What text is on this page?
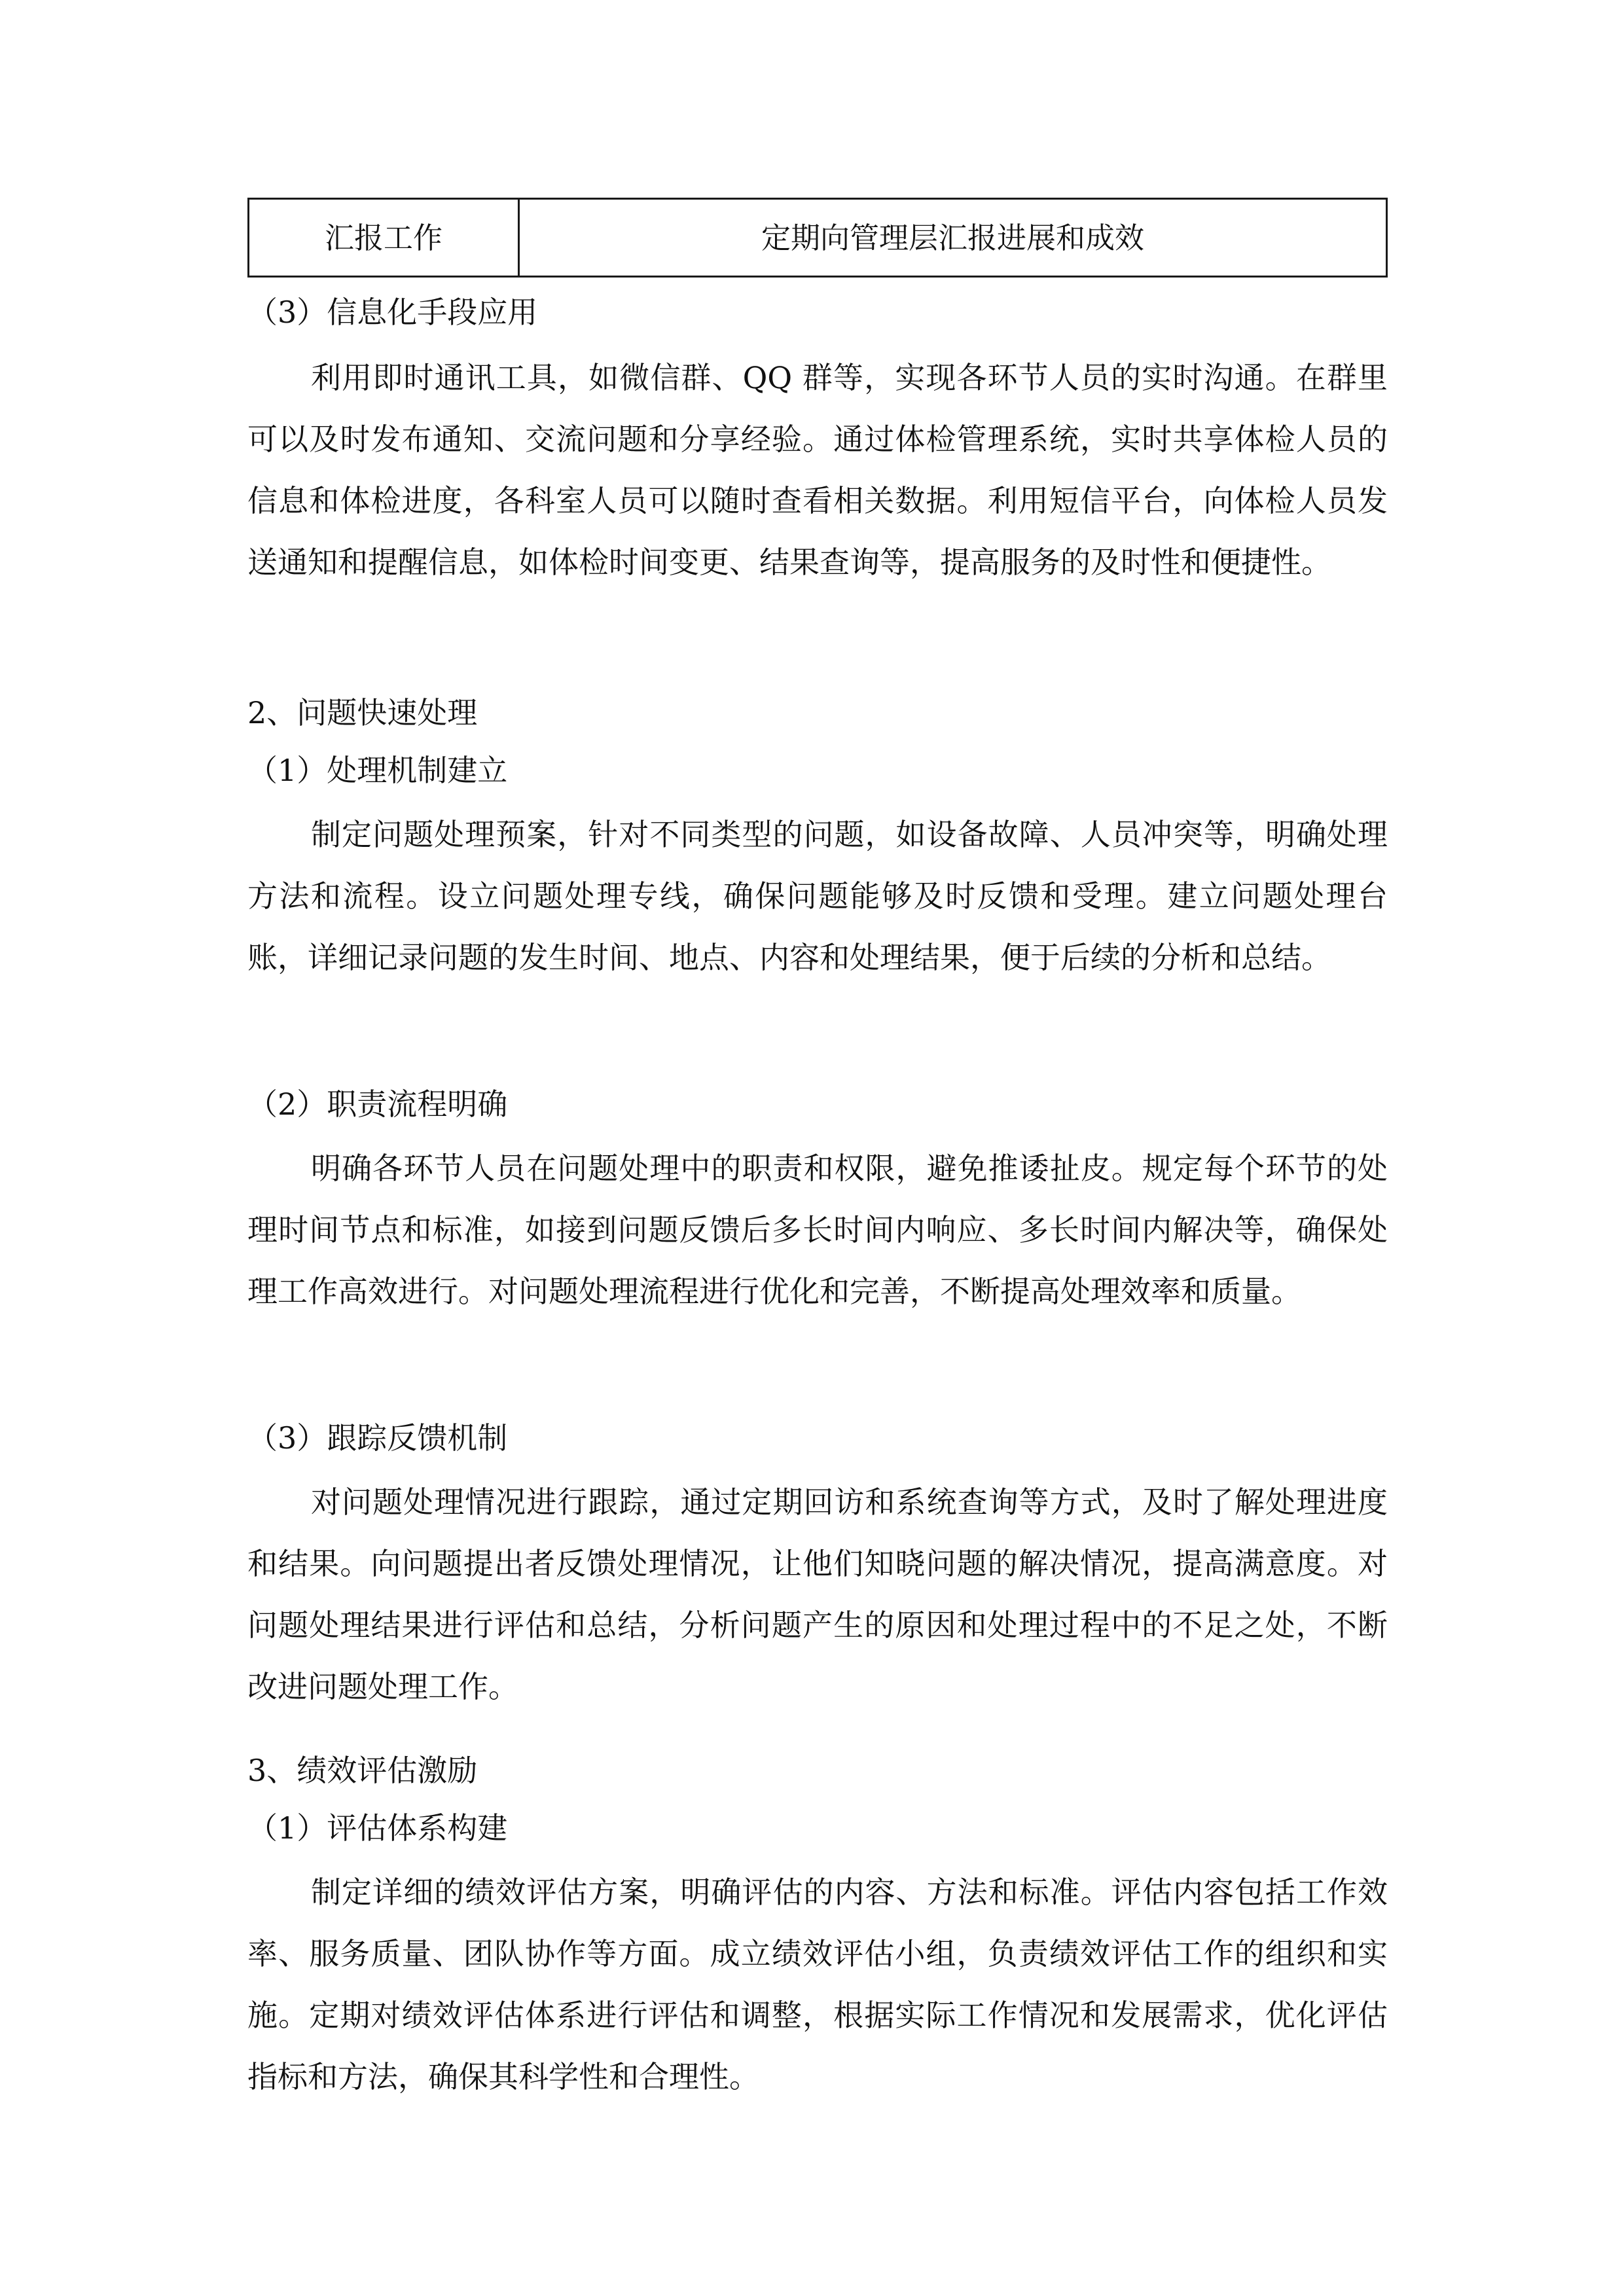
汇报工作	定期向管理层汇报进展和成效
（3）信息化手段应用

利用即时通讯工具，如微信群、QQ 群等，实现各环节人员的实时沟通。在群里可以及时发布通知、交流问题和分享经验。通过体检管理系统，实时共享体检人员的信息和体检进度，各科室人员可以随时查看相关数据。利用短信平台，向体检人员发送通知和提醒信息，如体检时间变更、结果查询等，提高服务的及时性和便捷性。

2、问题快速处理
（1）处理机制建立

制定问题处理预案，针对不同类型的问题，如设备故障、人员冲突等，明确处理方法和流程。设立问题处理专线，确保问题能够及时反馈和受理。建立问题处理台账，详细记录问题的发生时间、地点、内容和处理结果，便于后续的分析和总结。

（2）职责流程明确

明确各环节人员在问题处理中的职责和权限，避免推诿扯皮。规定每个环节的处理时间节点和标准，如接到问题反馈后多长时间内响应、多长时间内解决等，确保处理工作高效进行。对问题处理流程进行优化和完善，不断提高处理效率和质量。

（3）跟踪反馈机制

对问题处理情况进行跟踪，通过定期回访和系统查询等方式，及时了解处理进度和结果。向问题提出者反馈处理情况，让他们知晓问题的解决情况，提高满意度。对问题处理结果进行评估和总结，分析问题产生的原因和处理过程中的不足之处，不断改进问题处理工作。

3、绩效评估激励
（1）评估体系构建

制定详细的绩效评估方案，明确评估的内容、方法和标准。评估内容包括工作效率、服务质量、团队协作等方面。成立绩效评估小组，负责绩效评估工作的组织和实施。定期对绩效评估体系进行评估和调整，根据实际工作情况和发展需求，优化评估指标和方法，确保其科学性和合理性。
